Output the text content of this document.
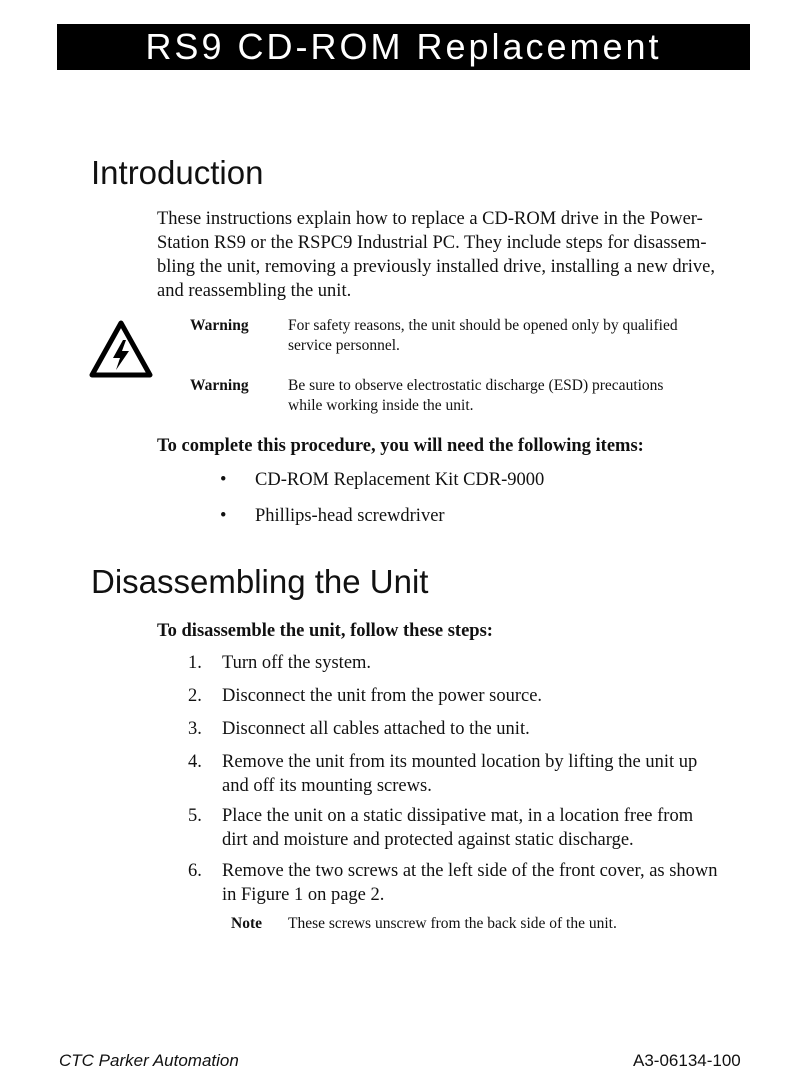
RS9 CD-ROM Replacement
Introduction

These instructions explain how to replace a CD-ROM drive in the Power-
Station RS9 or the RSPC9 Industrial PC. They include steps for disassem-
bling the unit, removing a previously installed drive, installing a new drive,
and reassembling the unit.

Warning	For safety reasons, the unit should be opened only by qualified
service personnel.
Warning	Be sure to observe electrostatic discharge (ESD) precautions
while working inside the unit.
To complete this procedure, you will need the following items:
• CD-ROM Replacement Kit CDR-9000
• Phillips-head screwdriver
Disassembling the Unit
To disassemble the unit, follow these steps:
1.	Turn off the system.
2.	Disconnect the unit from the power source.
3.	Disconnect all cables attached to the unit.
4.	Remove the unit from its mounted location by lifting the unit up
and off its mounting screws.
5.	Place the unit on a static dissipative mat, in a location free from
dirt and moisture and protected against static discharge.
6.	Remove the two screws at the left side of the front cover, as shown
in Figure 1 on page 2.
Note	These screws unscrew from the back side of the unit.
CTC Parker Automation	A3-06134-100
